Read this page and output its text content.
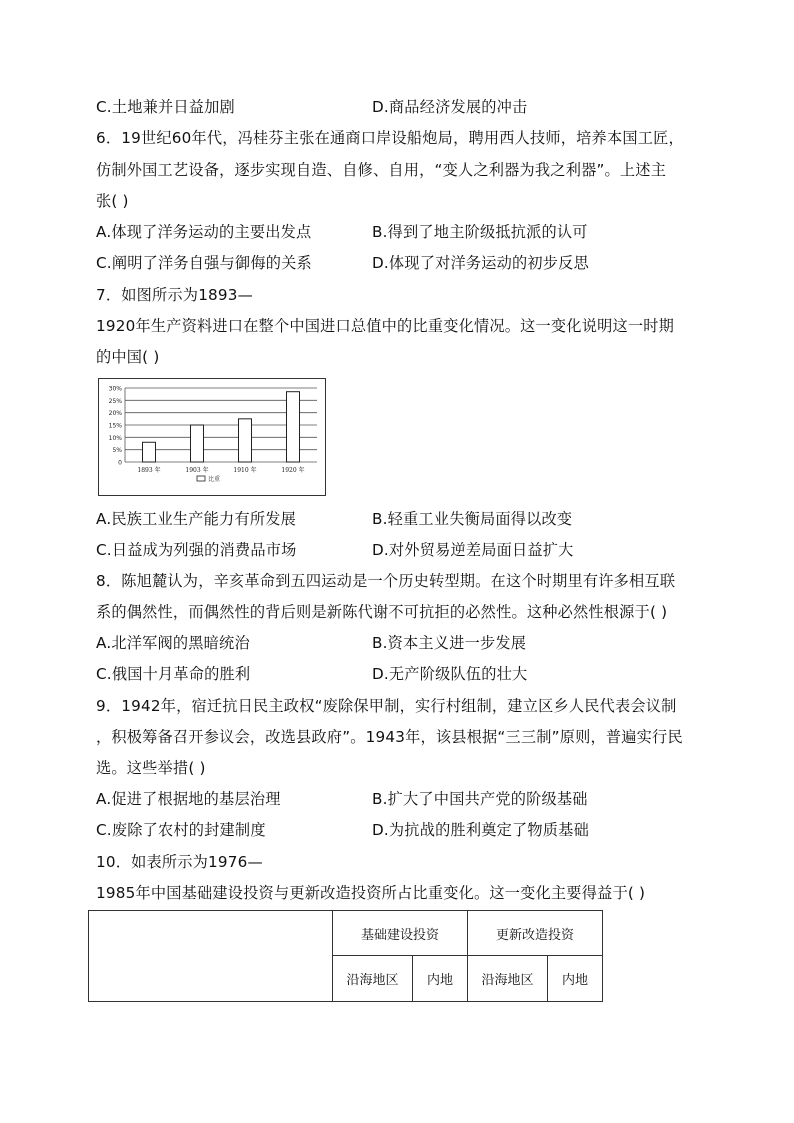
C.土地兼并日益加剧	D.商品经济发展的冲击
6．19世纪60年代，冯桂芬主张在通商口岸设船炮局，聘用西人技师，培养本国工匠，
仿制外国工艺设备，逐步实现自造、自修、自用，“变人之利器为我之利器”。上述主
张( )
A.体现了洋务运动的主要出发点	B.得到了地主阶级抵抗派的认可
C.阐明了洋务自强与御侮的关系	D.体现了对洋务运动的初步反思
7．如图所示为1893—
1920年生产资料进口在整个中国进口总值中的比重变化情况。这一变化说明这一时期
的中国( )
0
5%
10%
15%
20%
25%
30%
1893 年	1903 年	1910 年	1920 年
比重
A.民族工业生产能力有所发展	B.轻重工业失衡局面得以改变
C.日益成为列强的消费品市场	D.对外贸易逆差局面日益扩大
8．陈旭麓认为，辛亥革命到五四运动是一个历史转型期。在这个时期里有许多相互联
系的偶然性，而偶然性的背后则是新陈代谢不可抗拒的必然性。这种必然性根源于( )
A.北洋军阀的黑暗统治	B.资本主义进一步发展
C.俄国十月革命的胜利	D.无产阶级队伍的壮大
9．1942年，宿迁抗日民主政权“废除保甲制，实行村组制，建立区乡人民代表会议制
，积极筹备召开参议会，改选县政府”。1943年，该县根据“三三制”原则，普遍实行民
选。这些举措( )
A.促进了根据地的基层治理	B.扩大了中国共产党的阶级基础
C.废除了农村的封建制度	D.为抗战的胜利奠定了物质基础
10．如表所示为1976—
1985年中国基础建设投资与更新改造投资所占比重变化。这一变化主要得益于( )
	基础建设投资		更新改造投资	
	沿海地区	内地	沿海地区	内地
